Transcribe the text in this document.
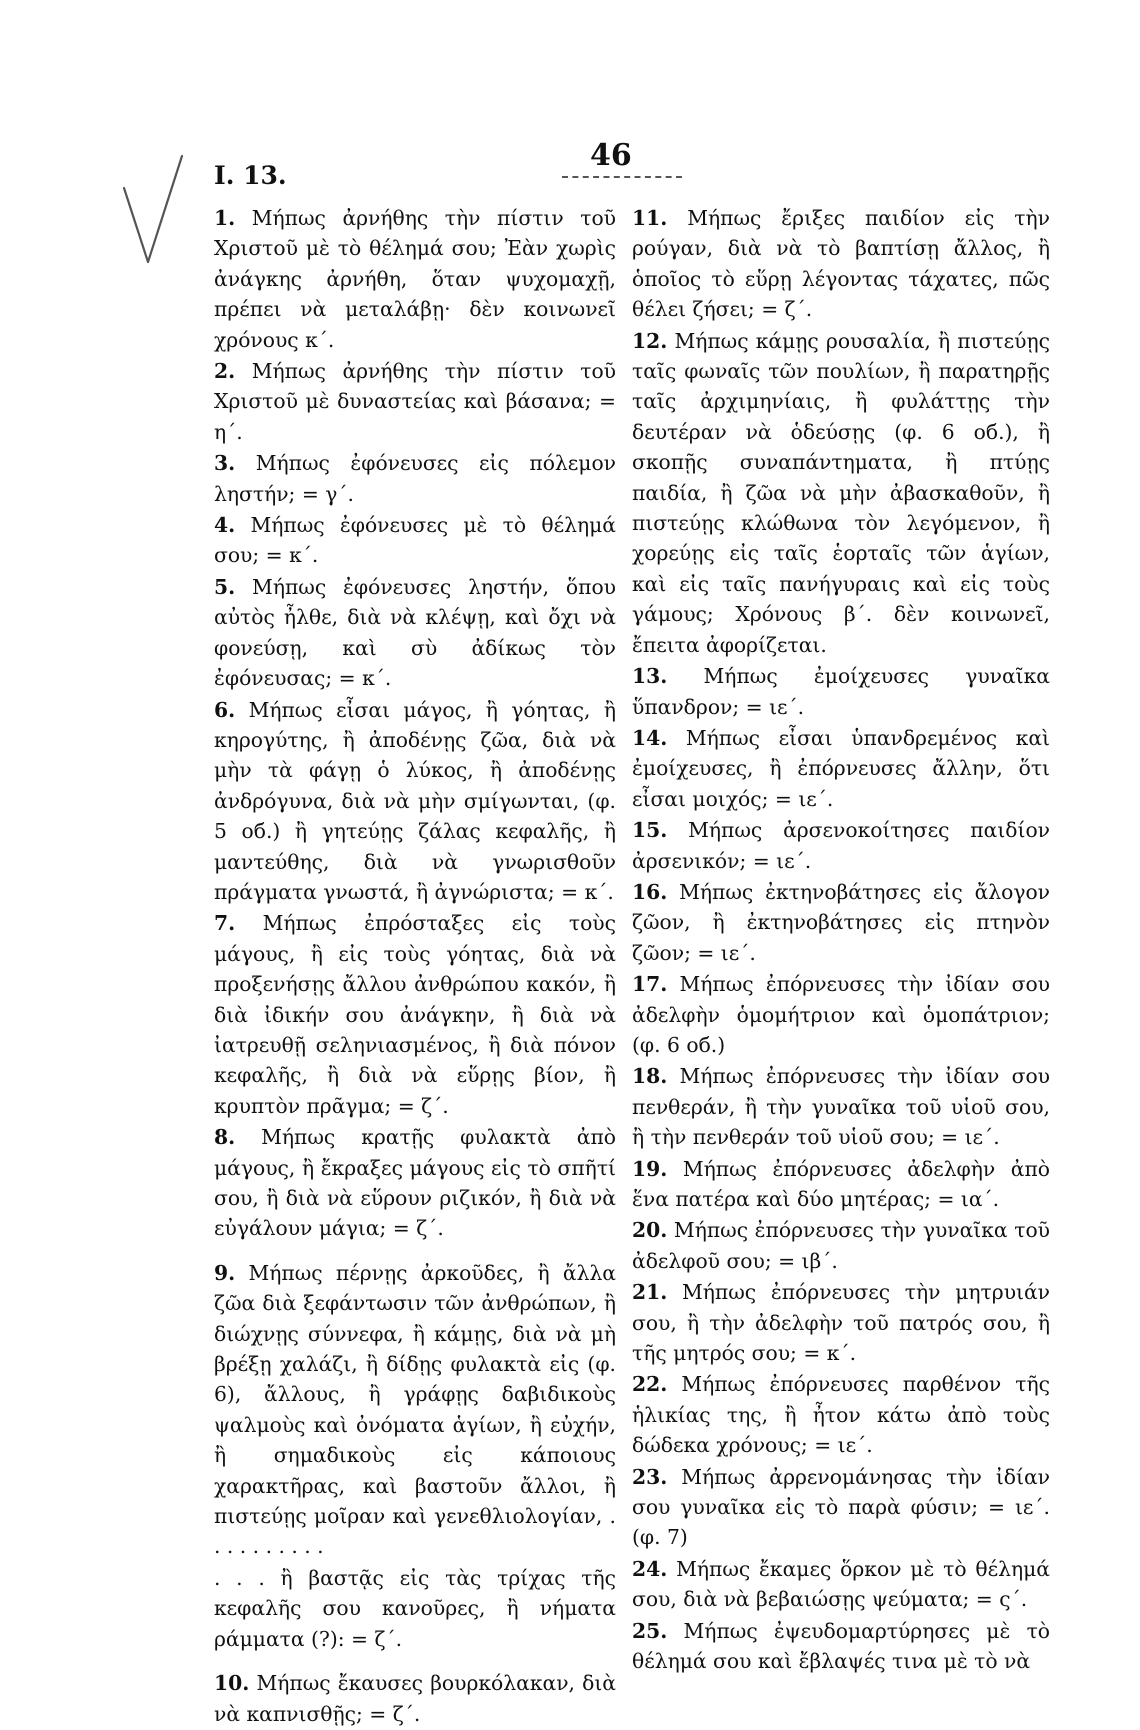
I. 13.
46

1. Μήπως ἀρνήθης τὴν πίστιν τοῦ Χριστοῦ μὲ τὸ θέλημά σου; Ἐὰν χωρὶς ἀνάγκης ἀρνήθη, ὅταν ψυχομαχῇ, πρέπει νὰ μεταλάβῃ· δὲν κοινωνεῖ χρόνους κ΄.

2. Μήπως ἀρνήθης τὴν πίστιν τοῦ Χριστοῦ μὲ δυναστείας καὶ βάσανα; = η΄.

3. Μήπως ἐφόνευσες εἰς πόλεμον ληστήν; = γ΄.

4. Μήπως ἐφόνευσες μὲ τὸ θέλημά σου; = κ΄.

5. Μήπως ἐφόνευσες ληστήν, ὅπου αὐτὸς ἦλθε, διὰ νὰ κλέψῃ, καὶ ὄχι νὰ φονεύσῃ, καὶ σὺ ἀδίκως τὸν ἐφόνευσας; = κ΄.

6. Μήπως εἶσαι μάγος, ἢ γόητας, ἢ κηρογύτης, ἢ ἀποδένῃς ζῶα, διὰ νὰ μὴν τὰ φάγῃ ὁ λύκος, ἢ ἀποδένῃς ἀνδρόγυνα, διὰ νὰ μὴν σμίγωνται, (φ. 5 οб.) ἢ γητεύῃς ζάλας κεφαλῆς, ἢ μαντεύθης, διὰ νὰ γνωρισθοῦν πράγματα γνωστά, ἢ ἀγνώριστα; = κ΄.

7. Μήπως ἐπρόσταξες εἰς τοὺς μάγους, ἢ εἰς τοὺς γόητας, διὰ νὰ προξενήσῃς ἄλλου ἀνθρώπου κακόν, ἢ διὰ ἰδικήν σου ἀνάγκην, ἢ διὰ νὰ ἰατρευθῇ σεληνιασμένος, ἢ διὰ πόνον κεφαλῆς, ἢ διὰ νὰ εὕρῃς βίον, ἢ κρυπτὸν πρᾶγμα; = ζ΄.

8. Μήπως κρατῇς φυλακτὰ ἀπὸ μάγους, ἢ ἔκραξες μάγους εἰς τὸ σπῆτί σου, ἢ διὰ νὰ εὕρουν ριζικόν, ἢ διὰ νὰ εὐγάλουν μάγια; = ζ΄.

9. Μήπως πέρνῃς ἀρκοῦδες, ἢ ἄλλα ζῶα διὰ ξεφάντωσιν τῶν ἀνθρώπων, ἢ διώχνῃς σύννεφα, ἢ κάμῃς, διὰ νὰ μὴ βρέξῃ χαλάζι, ἢ δίδῃς φυλακτὰ εἰς (φ. 6), ἄλλους, ἢ γράφῃς δαβιδικοὺς ψαλμοὺς καὶ ὀνόματα ἁγίων, ἢ εὐχήν, ἢ σημαδικοὺς εἰς κάποιους χαρακτῆρας, καὶ βαστοῦν ἄλλοι, ἢ πιστεύῃς μοῖραν καὶ γενεθλιολογίαν, . . . . . . . . . .

. . . ἢ βαστᾷς εἰς τὰς τρίχας τῆς κεφαλῆς σου κανοῦρες, ἢ νήματα ράμματα (?): = ζ΄.

10. Μήπως ἔκαυσες βουρκόλακαν, διὰ νὰ καπνισθῇς; = ζ΄.

11. Μήπως ἔριξες παιδίον εἰς τὴν ρούγαν, διὰ νὰ τὸ βαπτίσῃ ἄλλος, ἢ ὁποῖος τὸ εὕρῃ λέγοντας τάχατες, πῶς θέλει ζήσει; = ζ΄.

12. Μήπως κάμῃς ρουσαλία, ἢ πιστεύῃς ταῖς φωναῖς τῶν πουλίων, ἢ παρατηρῇς ταῖς ἀρχιμηνίαις, ἢ φυλάττῃς τὴν δευτέραν νὰ ὁδεύσῃς (φ. 6 οб.), ἢ σκοπῇς συναπάντηματα, ἢ πτύῃς παιδία, ἢ ζῶα νὰ μὴν ἀβασκαθοῦν, ἢ πιστεύῃς κλώθωνα τὸν λεγόμενον, ἢ χορεύῃς εἰς ταῖς ἑορταῖς τῶν ἁγίων, καὶ εἰς ταῖς πανήγυραις καὶ εἰς τοὺς γάμους; Χρόνους β΄. δὲν κοινωνεῖ, ἔπειτα ἀφορίζεται.

13. Μήπως ἐμοίχευσες γυναῖκα ὕπανδρον; = ιε΄.

14. Μήπως εἶσαι ὑπανδρεμένος καὶ ἐμοίχευσες, ἢ ἐπόρνευσες ἄλλην, ὅτι εἶσαι μοιχός; = ιε΄.

15. Μήπως ἀρσενοκοίτησες παιδίον ἀρσενικόν; = ιε΄.

16. Μήπως ἐκτηνοβάτησες εἰς ἄλογον ζῶον, ἢ ἐκτηνοβάτησες εἰς πτηνὸν ζῶον; = ιε΄.

17. Μήπως ἐπόρνευσες τὴν ἰδίαν σου ἀδελφὴν ὁμομήτριον καὶ ὁμοπάτριον; (φ. 6 οб.)

18. Μήπως ἐπόρνευσες τὴν ἰδίαν σου πενθεράν, ἢ τὴν γυναῖκα τοῦ υἱοῦ σου, ἢ τὴν πενθεράν τοῦ υἱοῦ σου; = ιε΄.

19. Μήπως ἐπόρνευσες ἀδελφὴν ἀπὸ ἕνα πατέρα καὶ δύο μητέρας; = ια΄.

20. Μήπως ἐπόρνευσες τὴν γυναῖκα τοῦ ἀδελφοῦ σου; = ιβ΄.

21. Μήπως ἐπόρνευσες τὴν μητρυιάν σου, ἢ τὴν ἀδελφὴν τοῦ πατρός σου, ἢ τῆς μητρός σου; = κ΄.

22. Μήπως ἐπόρνευσες παρθένον τῆς ἡλικίας της, ἢ ἦτον κάτω ἀπὸ τοὺς δώδεκα χρόνους; = ιε΄.

23. Μήπως ἀρρενομάνησας τὴν ἰδίαν σου γυναῖκα εἰς τὸ παρὰ φύσιν; = ιε΄. (φ. 7)

24. Μήπως ἔκαμες ὅρκον μὲ τὸ θέλημά σου, διὰ νὰ βεβαιώσῃς ψεύματα; = ς΄.

25. Μήπως ἐψευδομαρτύρησες μὲ τὸ θέλημά σου καὶ ἔβλαψές τινα μὲ τὸ νὰ
